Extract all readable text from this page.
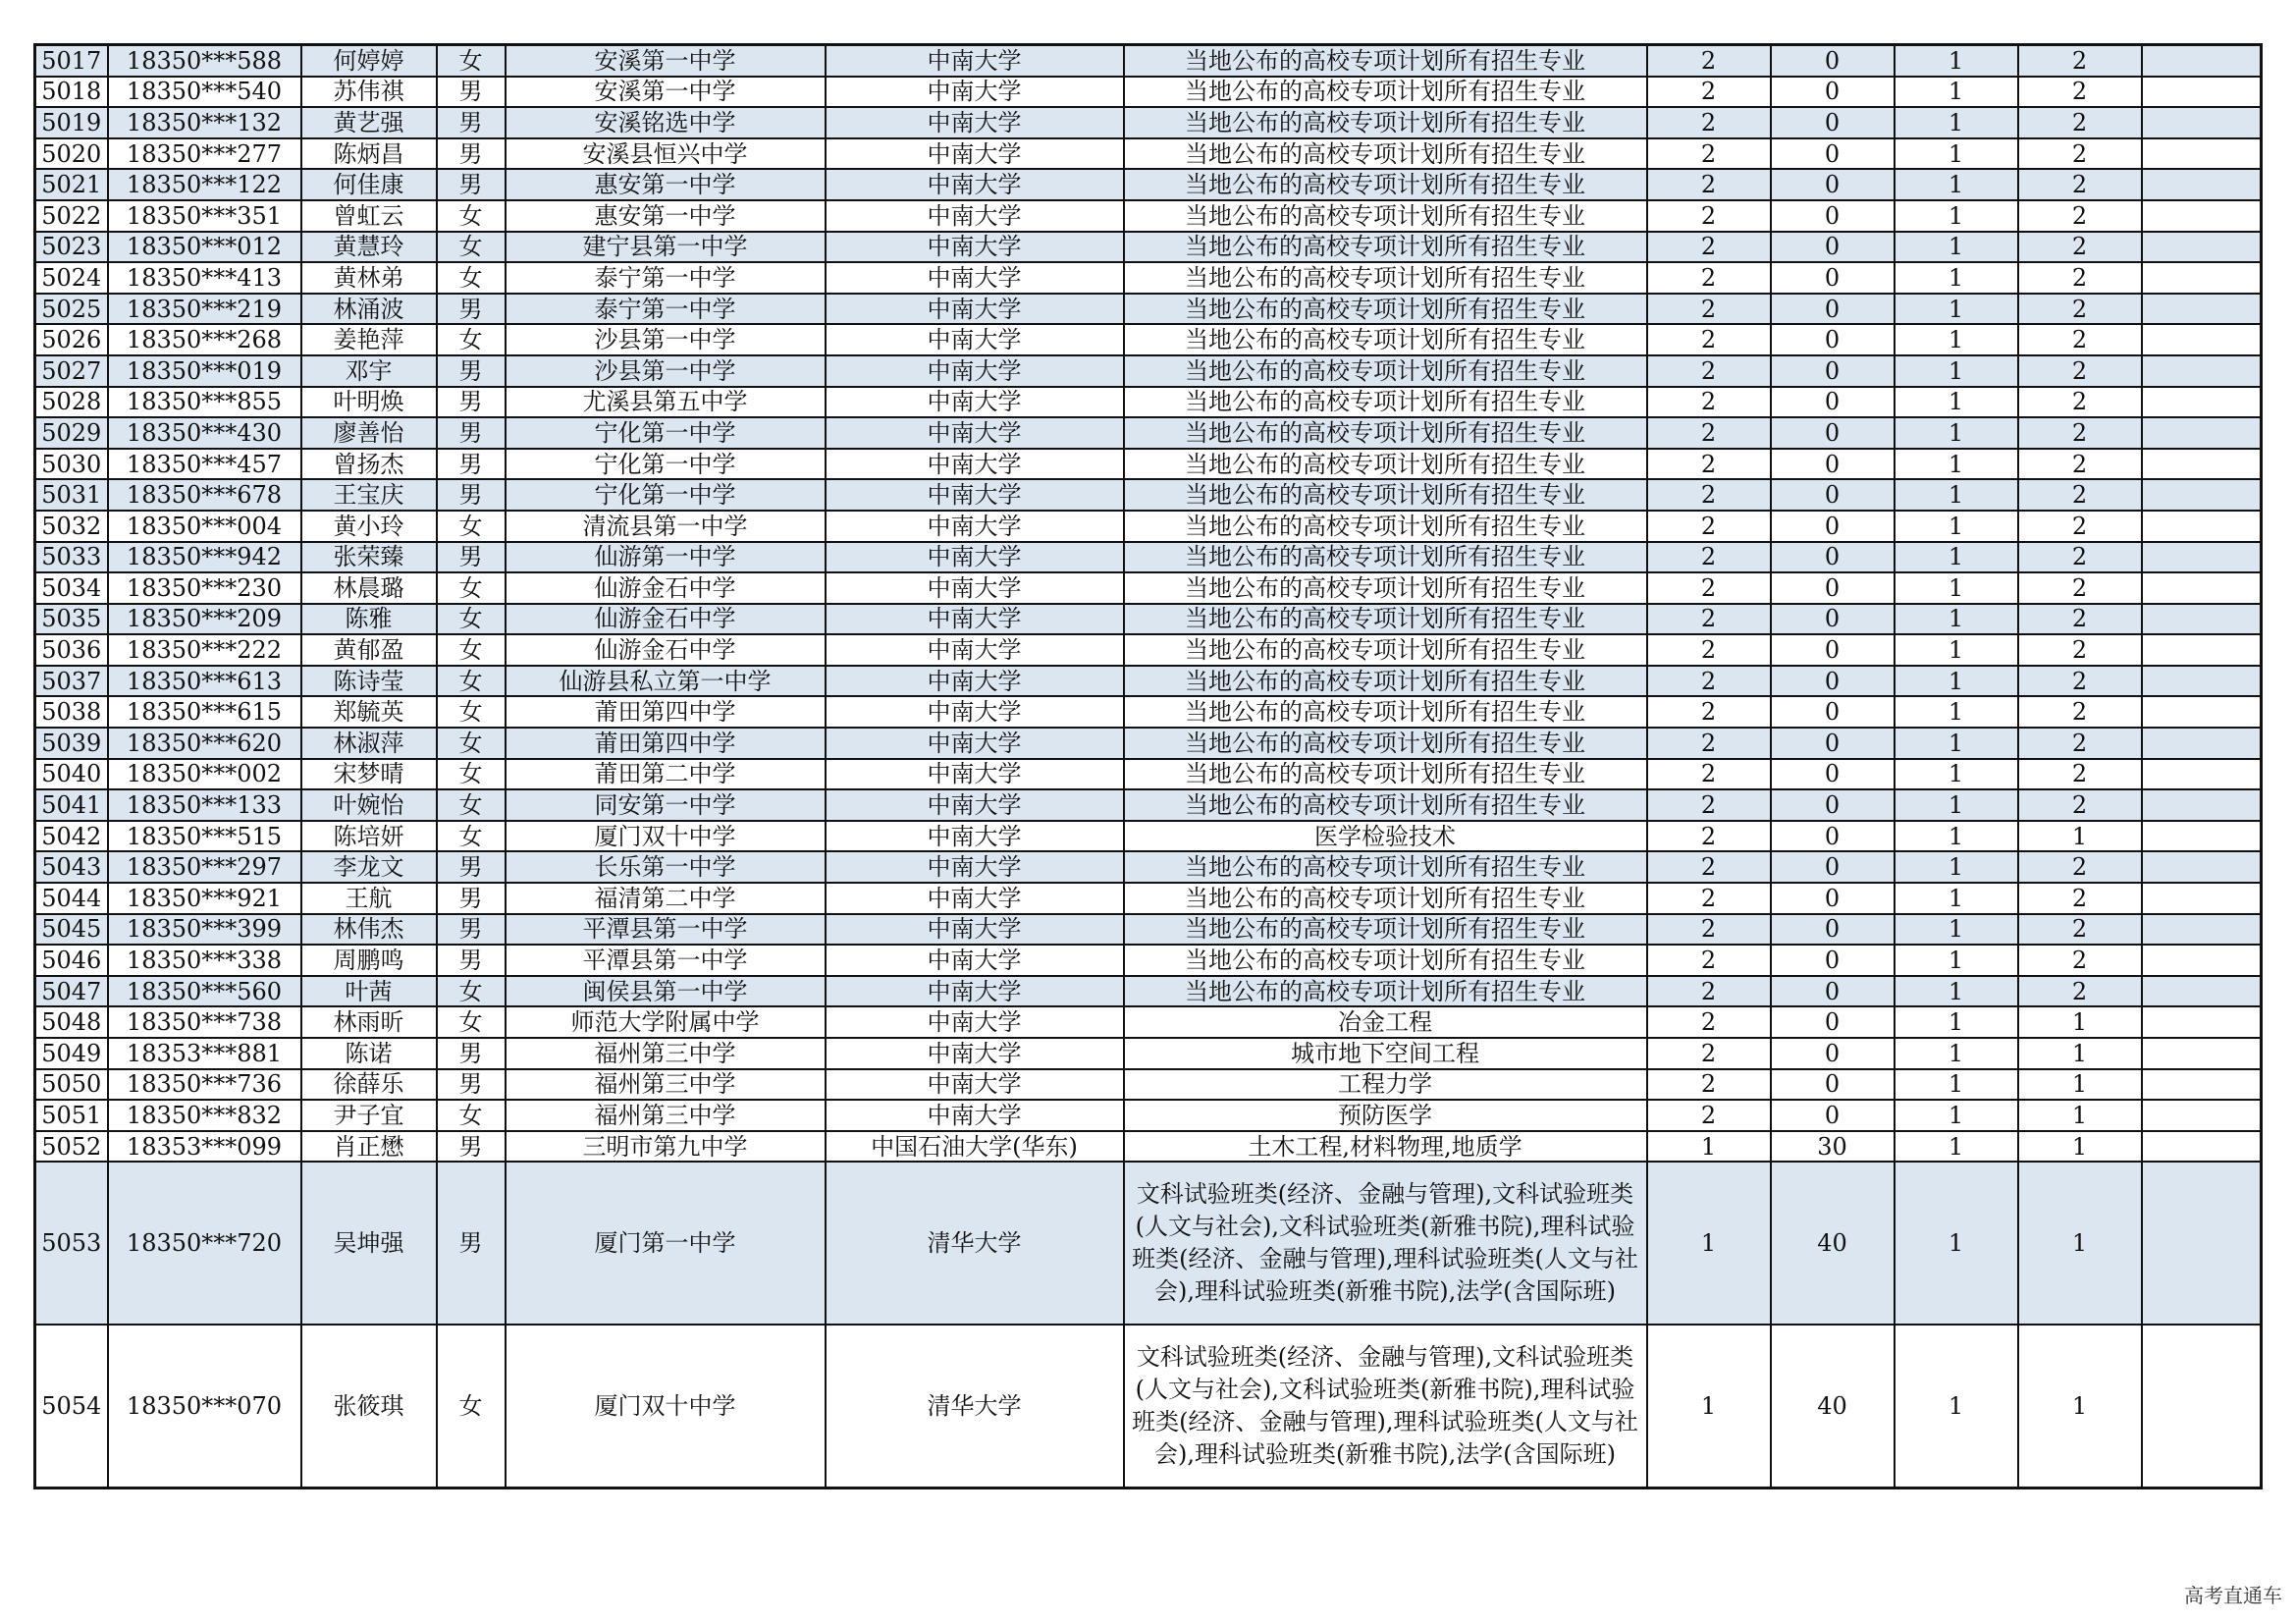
5017	18350***588	何婷婷	女	安溪第一中学	中南大学	当地公布的高校专项计划所有招生专业	2	0	1	2	
5018	18350***540	苏伟祺	男	安溪第一中学	中南大学	当地公布的高校专项计划所有招生专业	2	0	1	2	
5019	18350***132	黄艺强	男	安溪铭选中学	中南大学	当地公布的高校专项计划所有招生专业	2	0	1	2	
5020	18350***277	陈炳昌	男	安溪县恒兴中学	中南大学	当地公布的高校专项计划所有招生专业	2	0	1	2	
5021	18350***122	何佳康	男	惠安第一中学	中南大学	当地公布的高校专项计划所有招生专业	2	0	1	2	
5022	18350***351	曾虹云	女	惠安第一中学	中南大学	当地公布的高校专项计划所有招生专业	2	0	1	2	
5023	18350***012	黄慧玲	女	建宁县第一中学	中南大学	当地公布的高校专项计划所有招生专业	2	0	1	2	
5024	18350***413	黄林弟	女	泰宁第一中学	中南大学	当地公布的高校专项计划所有招生专业	2	0	1	2	
5025	18350***219	林涌波	男	泰宁第一中学	中南大学	当地公布的高校专项计划所有招生专业	2	0	1	2	
5026	18350***268	姜艳萍	女	沙县第一中学	中南大学	当地公布的高校专项计划所有招生专业	2	0	1	2	
5027	18350***019	邓宇	男	沙县第一中学	中南大学	当地公布的高校专项计划所有招生专业	2	0	1	2	
5028	18350***855	叶明焕	男	尤溪县第五中学	中南大学	当地公布的高校专项计划所有招生专业	2	0	1	2	
5029	18350***430	廖善怡	男	宁化第一中学	中南大学	当地公布的高校专项计划所有招生专业	2	0	1	2	
5030	18350***457	曾扬杰	男	宁化第一中学	中南大学	当地公布的高校专项计划所有招生专业	2	0	1	2	
5031	18350***678	王宝庆	男	宁化第一中学	中南大学	当地公布的高校专项计划所有招生专业	2	0	1	2	
5032	18350***004	黄小玲	女	清流县第一中学	中南大学	当地公布的高校专项计划所有招生专业	2	0	1	2	
5033	18350***942	张荣臻	男	仙游第一中学	中南大学	当地公布的高校专项计划所有招生专业	2	0	1	2	
5034	18350***230	林晨璐	女	仙游金石中学	中南大学	当地公布的高校专项计划所有招生专业	2	0	1	2	
5035	18350***209	陈雅	女	仙游金石中学	中南大学	当地公布的高校专项计划所有招生专业	2	0	1	2	
5036	18350***222	黄郁盈	女	仙游金石中学	中南大学	当地公布的高校专项计划所有招生专业	2	0	1	2	
5037	18350***613	陈诗莹	女	仙游县私立第一中学	中南大学	当地公布的高校专项计划所有招生专业	2	0	1	2	
5038	18350***615	郑毓英	女	莆田第四中学	中南大学	当地公布的高校专项计划所有招生专业	2	0	1	2	
5039	18350***620	林淑萍	女	莆田第四中学	中南大学	当地公布的高校专项计划所有招生专业	2	0	1	2	
5040	18350***002	宋梦晴	女	莆田第二中学	中南大学	当地公布的高校专项计划所有招生专业	2	0	1	2	
5041	18350***133	叶婉怡	女	同安第一中学	中南大学	当地公布的高校专项计划所有招生专业	2	0	1	2	
5042	18350***515	陈培妍	女	厦门双十中学	中南大学	医学检验技术	2	0	1	1	
5043	18350***297	李龙文	男	长乐第一中学	中南大学	当地公布的高校专项计划所有招生专业	2	0	1	2	
5044	18350***921	王航	男	福清第二中学	中南大学	当地公布的高校专项计划所有招生专业	2	0	1	2	
5045	18350***399	林伟杰	男	平潭县第一中学	中南大学	当地公布的高校专项计划所有招生专业	2	0	1	2	
5046	18350***338	周鹏鸣	男	平潭县第一中学	中南大学	当地公布的高校专项计划所有招生专业	2	0	1	2	
5047	18350***560	叶茜	女	闽侯县第一中学	中南大学	当地公布的高校专项计划所有招生专业	2	0	1	2	
5048	18350***738	林雨昕	女	师范大学附属中学	中南大学	冶金工程	2	0	1	1	
5049	18353***881	陈诺	男	福州第三中学	中南大学	城市地下空间工程	2	0	1	1	
5050	18350***736	徐薛乐	男	福州第三中学	中南大学	工程力学	2	0	1	1	
5051	18350***832	尹子宜	女	福州第三中学	中南大学	预防医学	2	0	1	1	
5052	18353***099	肖正懋	男	三明市第九中学	中国石油大学(华东)	土木工程,材料物理,地质学	1	30	1	1	
5053	18350***720	吴坤强	男	厦门第一中学	清华大学	文科试验班类(经济、金融与管理),文科试验班类(人文与社会),文科试验班类(新雅书院),理科试验班类(经济、金融与管理),理科试验班类(人文与社会),理科试验班类(新雅书院),法学(含国际班)	1	40	1	1	
5054	18350***070	张筱琪	女	厦门双十中学	清华大学	文科试验班类(经济、金融与管理),文科试验班类(人文与社会),文科试验班类(新雅书院),理科试验班类(经济、金融与管理),理科试验班类(人文与社会),理科试验班类(新雅书院),法学(含国际班)	1	40	1	1	
高考直通车
